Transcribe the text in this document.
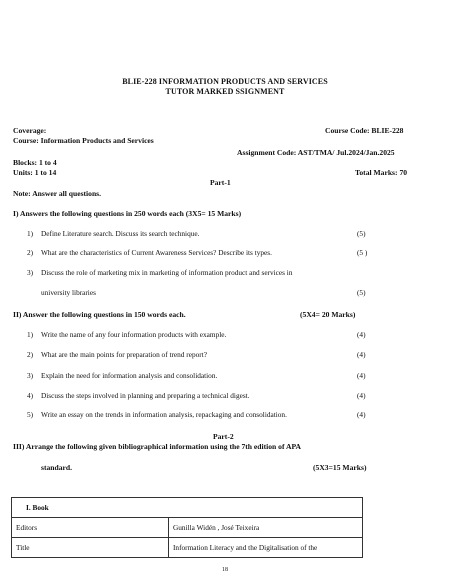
BLIE-228 INFORMATION PRODUCTS AND SERVICES
TUTOR MARKED SSIGNMENT
Coverage:	Course Code: BLIE-228
Course: Information Products and Services
Assignment Code: AST/TMA/ Jul.2024/Jan.2025
Blocks: 1 to 4
Units: 1 to 14	Total Marks: 70
Part-1
Note: Answer all questions.
I) Answers the following questions in 250 words each (3X5= 15 Marks)
1) Define Literature search. Discuss its search technique.	(5)
2) What are the characteristics of Current Awareness Services? Describe its types.	(5 )
3) Discuss the role of marketing mix in marketing of information product and services in
university libraries	(5)
II) Answer the following questions in 150 words each.	(5X4= 20 Marks)
1) Write the name of any four information products with example.	(4)
2) What are the main points for preparation of trend report?	(4)
3) Explain the need for information analysis and consolidation.	(4)
4) Discuss the steps involved in planning and preparing a technical digest.	(4)
5) Write an essay on the trends in information analysis, repackaging and consolidation.	(4)
Part-2
III) Arrange the following given bibliographical information using the 7th edition of APA
standard.	(5X3=15 Marks)
I. Book	
Editors	Gunilla Widén , José Teixeira
Title	Information Literacy and the Digitalisation of the
18
